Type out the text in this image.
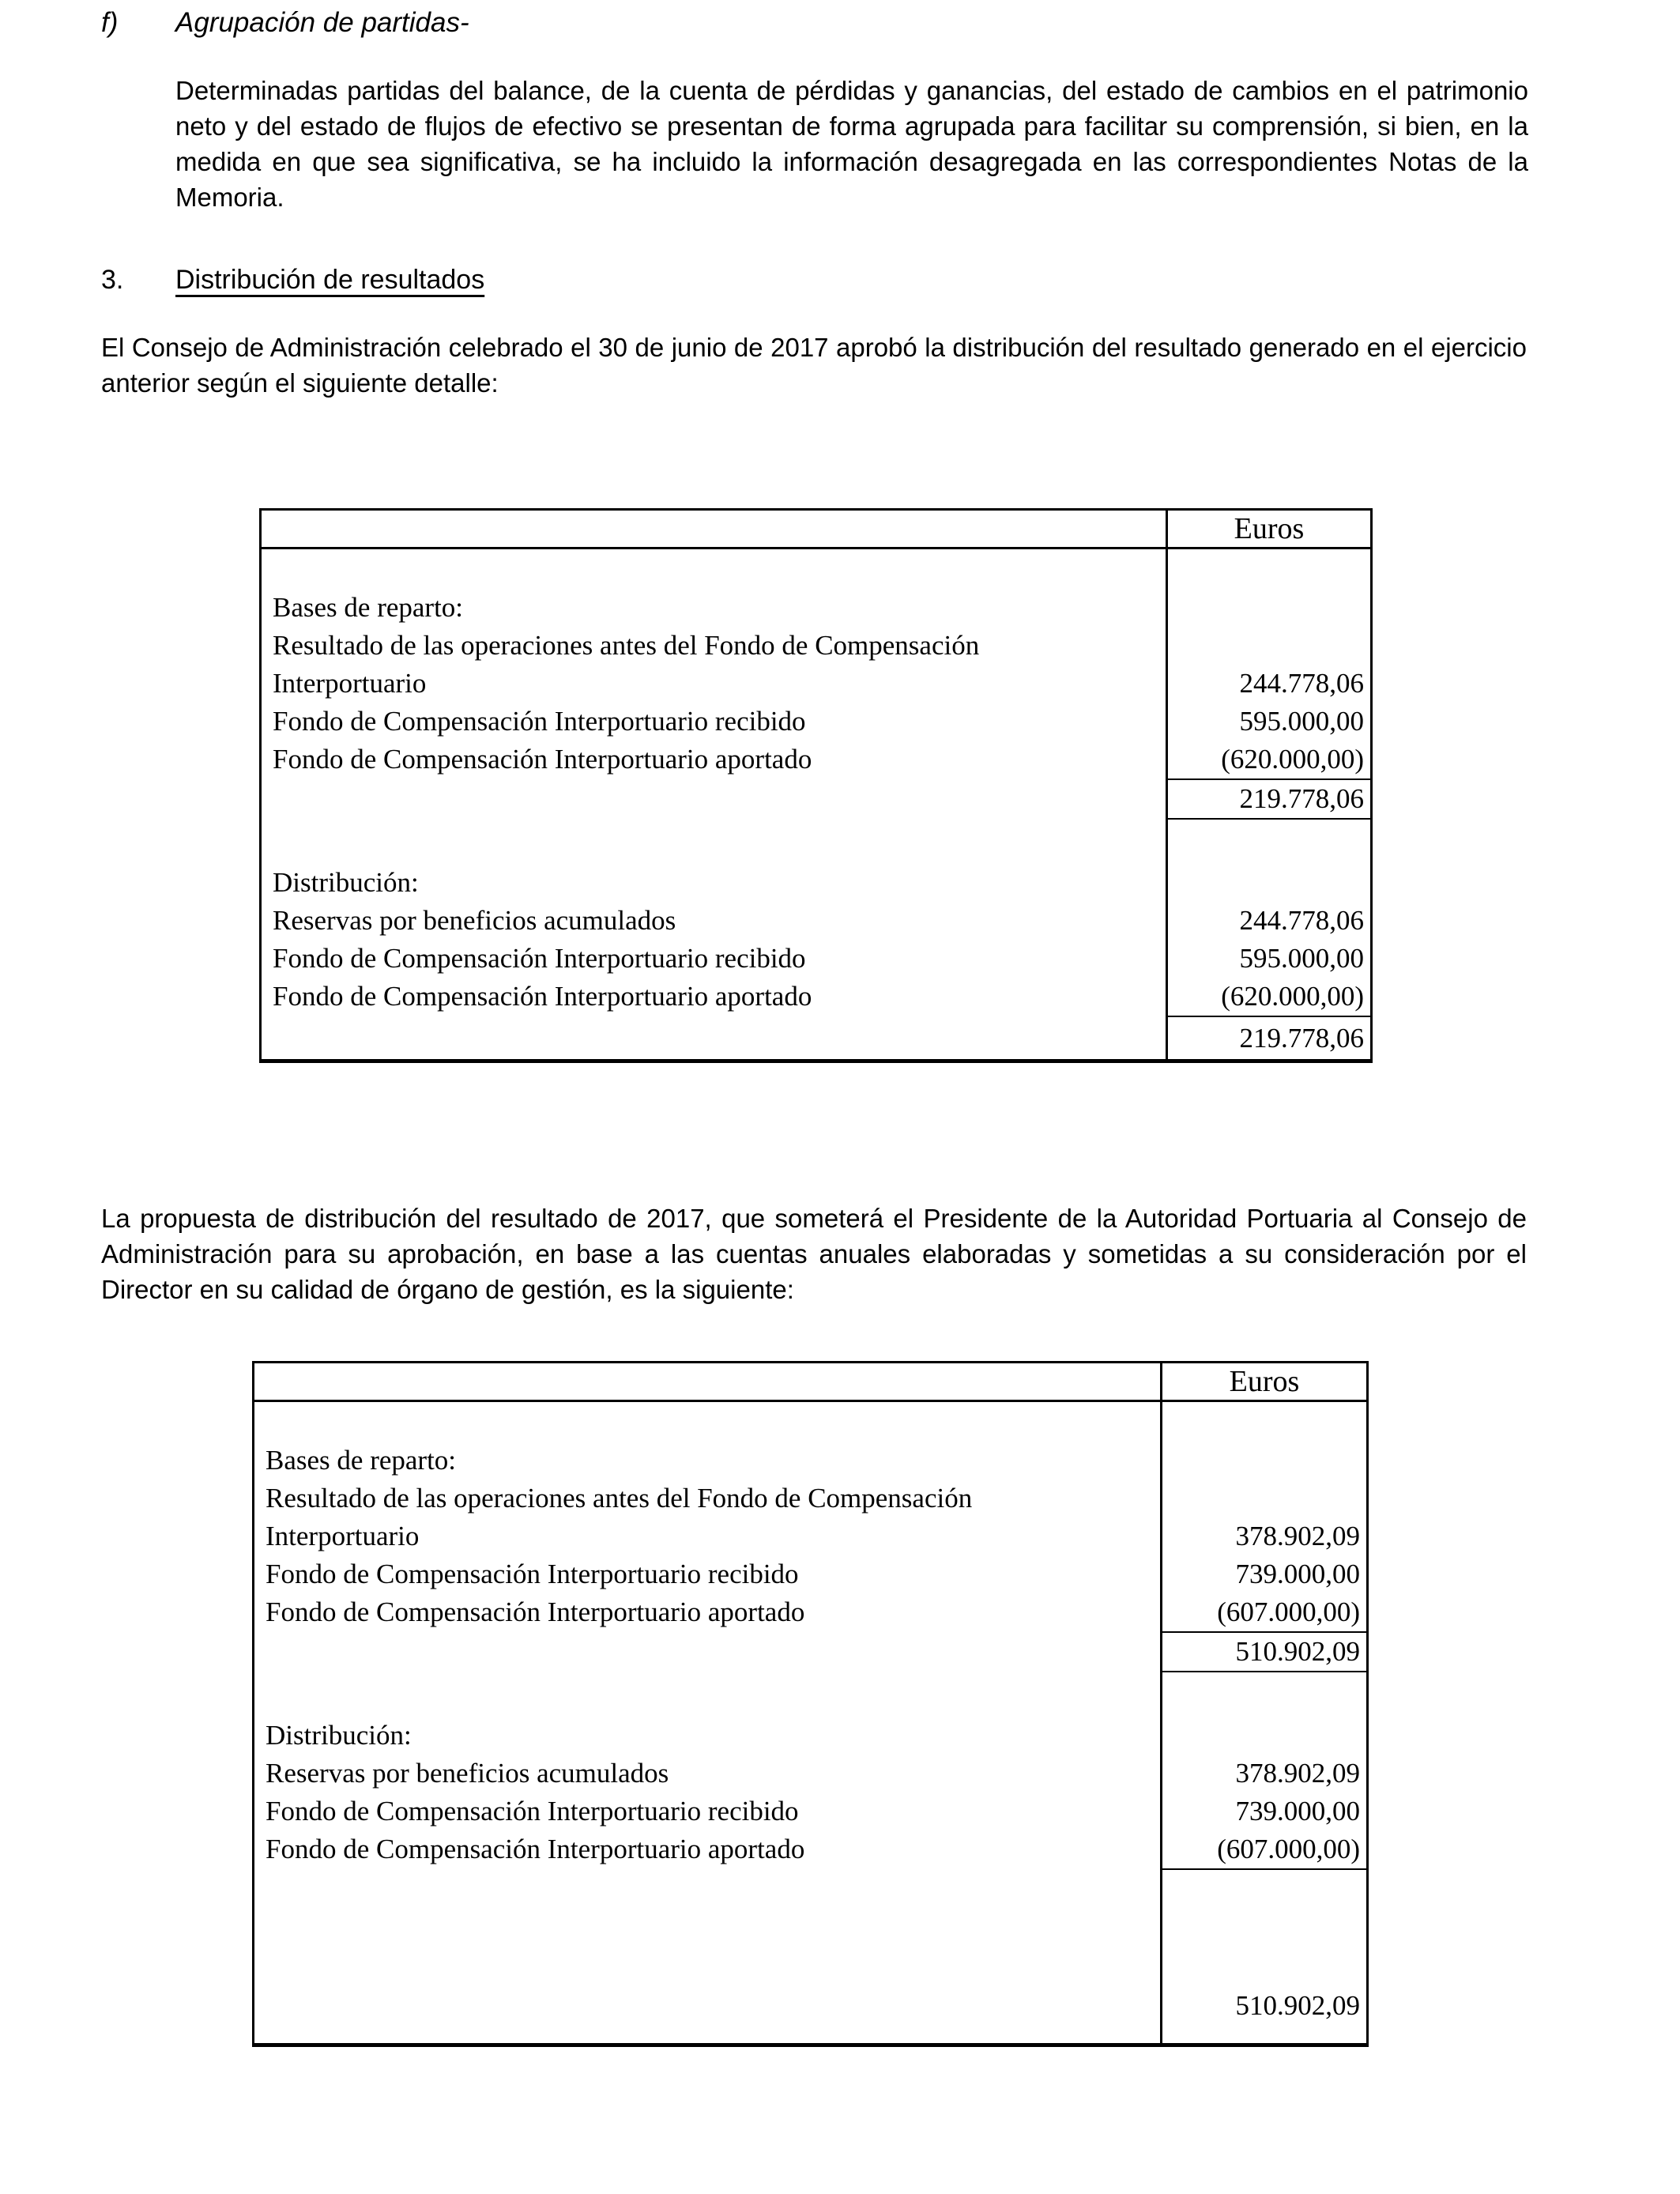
f)	Agrupación de partidas-

Determinadas partidas del balance, de la cuenta de pérdidas y ganancias, del estado de cambios en el patrimonio neto y del estado de flujos de efectivo se presentan de forma agrupada para facilitar su comprensión, si bien, en la medida en que sea significativa, se ha incluido la información desagregada en las correspondientes Notas de la Memoria.

3.	Distribución de resultados

El Consejo de Administración celebrado el 30 de junio de 2017 aprobó la distribución del resultado generado en el ejercicio anterior según el siguiente detalle:

Euros
Bases de reparto:
Resultado de las operaciones antes del Fondo de Compensación
Interportuario	244.778,06
Fondo de Compensación Interportuario recibido	595.000,00
Fondo de Compensación Interportuario aportado	(620.000,00)
219.778,06
Distribución:
Reservas por beneficios acumulados	244.778,06
Fondo de Compensación Interportuario recibido	595.000,00
Fondo de Compensación Interportuario aportado	(620.000,00)
219.778,06

La propuesta de distribución del resultado de 2017, que someterá el Presidente de la Autoridad Portuaria al Consejo de Administración para su aprobación, en base a las cuentas anuales elaboradas y sometidas a su consideración por el Director en su calidad de órgano de gestión, es la siguiente:

Euros
Bases de reparto:
Resultado de las operaciones antes del Fondo de Compensación
Interportuario	378.902,09
Fondo de Compensación Interportuario recibido	739.000,00
Fondo de Compensación Interportuario aportado	(607.000,00)
510.902,09
Distribución:
Reservas por beneficios acumulados	378.902,09
Fondo de Compensación Interportuario recibido	739.000,00
Fondo de Compensación Interportuario aportado	(607.000,00)
510.902,09
